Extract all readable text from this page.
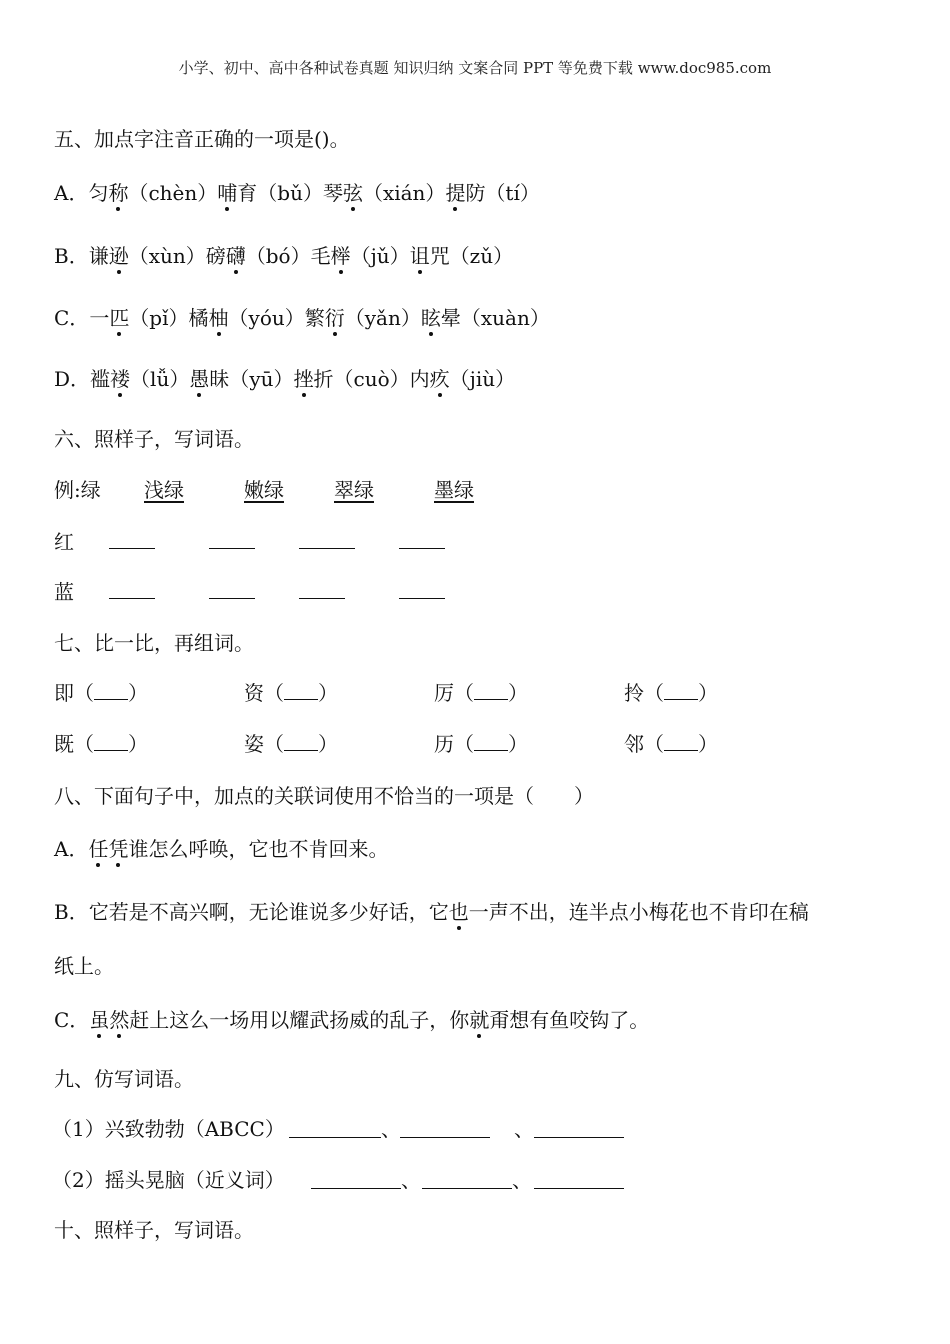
小学、初中、高中各种试卷真题 知识归纳 文案合同 PPT 等免费下载 www.doc985.com
五、加点字注音正确的一项是()。
A．匀称（chèn）哺育（bǔ）琴弦（xián）提防（tí）
B．谦逊（xùn）磅礴（bó）毛榉（jǔ）诅咒（zǔ）
C．一匹（pǐ）橘柚（yóu）繁衍（yǎn）眩晕（xuàn）
D．褴褛（lǚ）愚昧（yū）挫折（cuò）内疚（jiù）
六、照样子，写词语。
例:绿 浅绿	嫩绿	翠绿	墨绿
红
蓝
七、比一比，再组词。
即（ ）	资（ ）	厉（ ）	拎（ ）
既（ ）	姿（ ）	历（ ）	邻（ ）
八、下面句子中，加点的关联词使用不恰当的一项是（　　）
A．任凭谁怎么呼唤，它也不肯回来。
B．它若是不高兴啊，无论谁说多少好话，它也一声不出，连半点小梅花也不肯印在稿
纸上。
C．虽然赶上这么一场用以耀武扬威的乱子，你就甭想有鱼咬钩了。
九、仿写词语。
（1）兴致勃勃（ABCC）	、	、
（2）摇头晃脑（近义词）	、	、
十、照样子，写词语。
